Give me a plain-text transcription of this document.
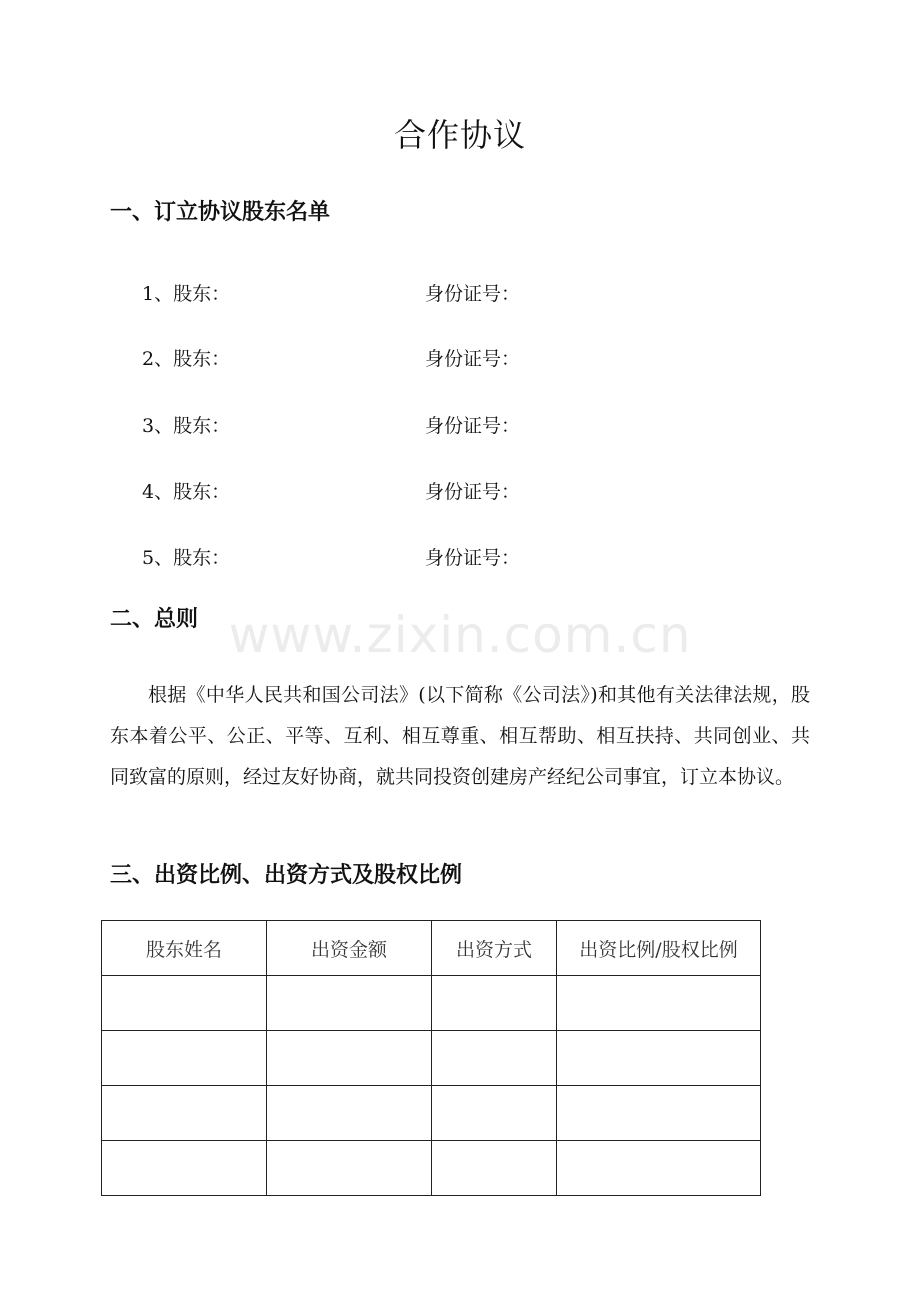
合作协议
一、订立协议股东名单
1、股东：	身份证号：
2、股东：	身份证号：
3、股东：	身份证号：
4、股东：	身份证号：
5、股东：	身份证号：
www.zixin.com.cn
二、总则

根据《中华人民共和国公司法》(以下简称《公司法》)和其他有关法律法规，股东本着公平、公正、平等、互利、相互尊重、相互帮助、相互扶持、共同创业、共同致富的原则，经过友好协商，就共同投资创建房产经纪公司事宜，订立本协议。

三、出资比例、出资方式及股权比例
股东姓名	出资金额	出资方式	出资比例/股权比例
